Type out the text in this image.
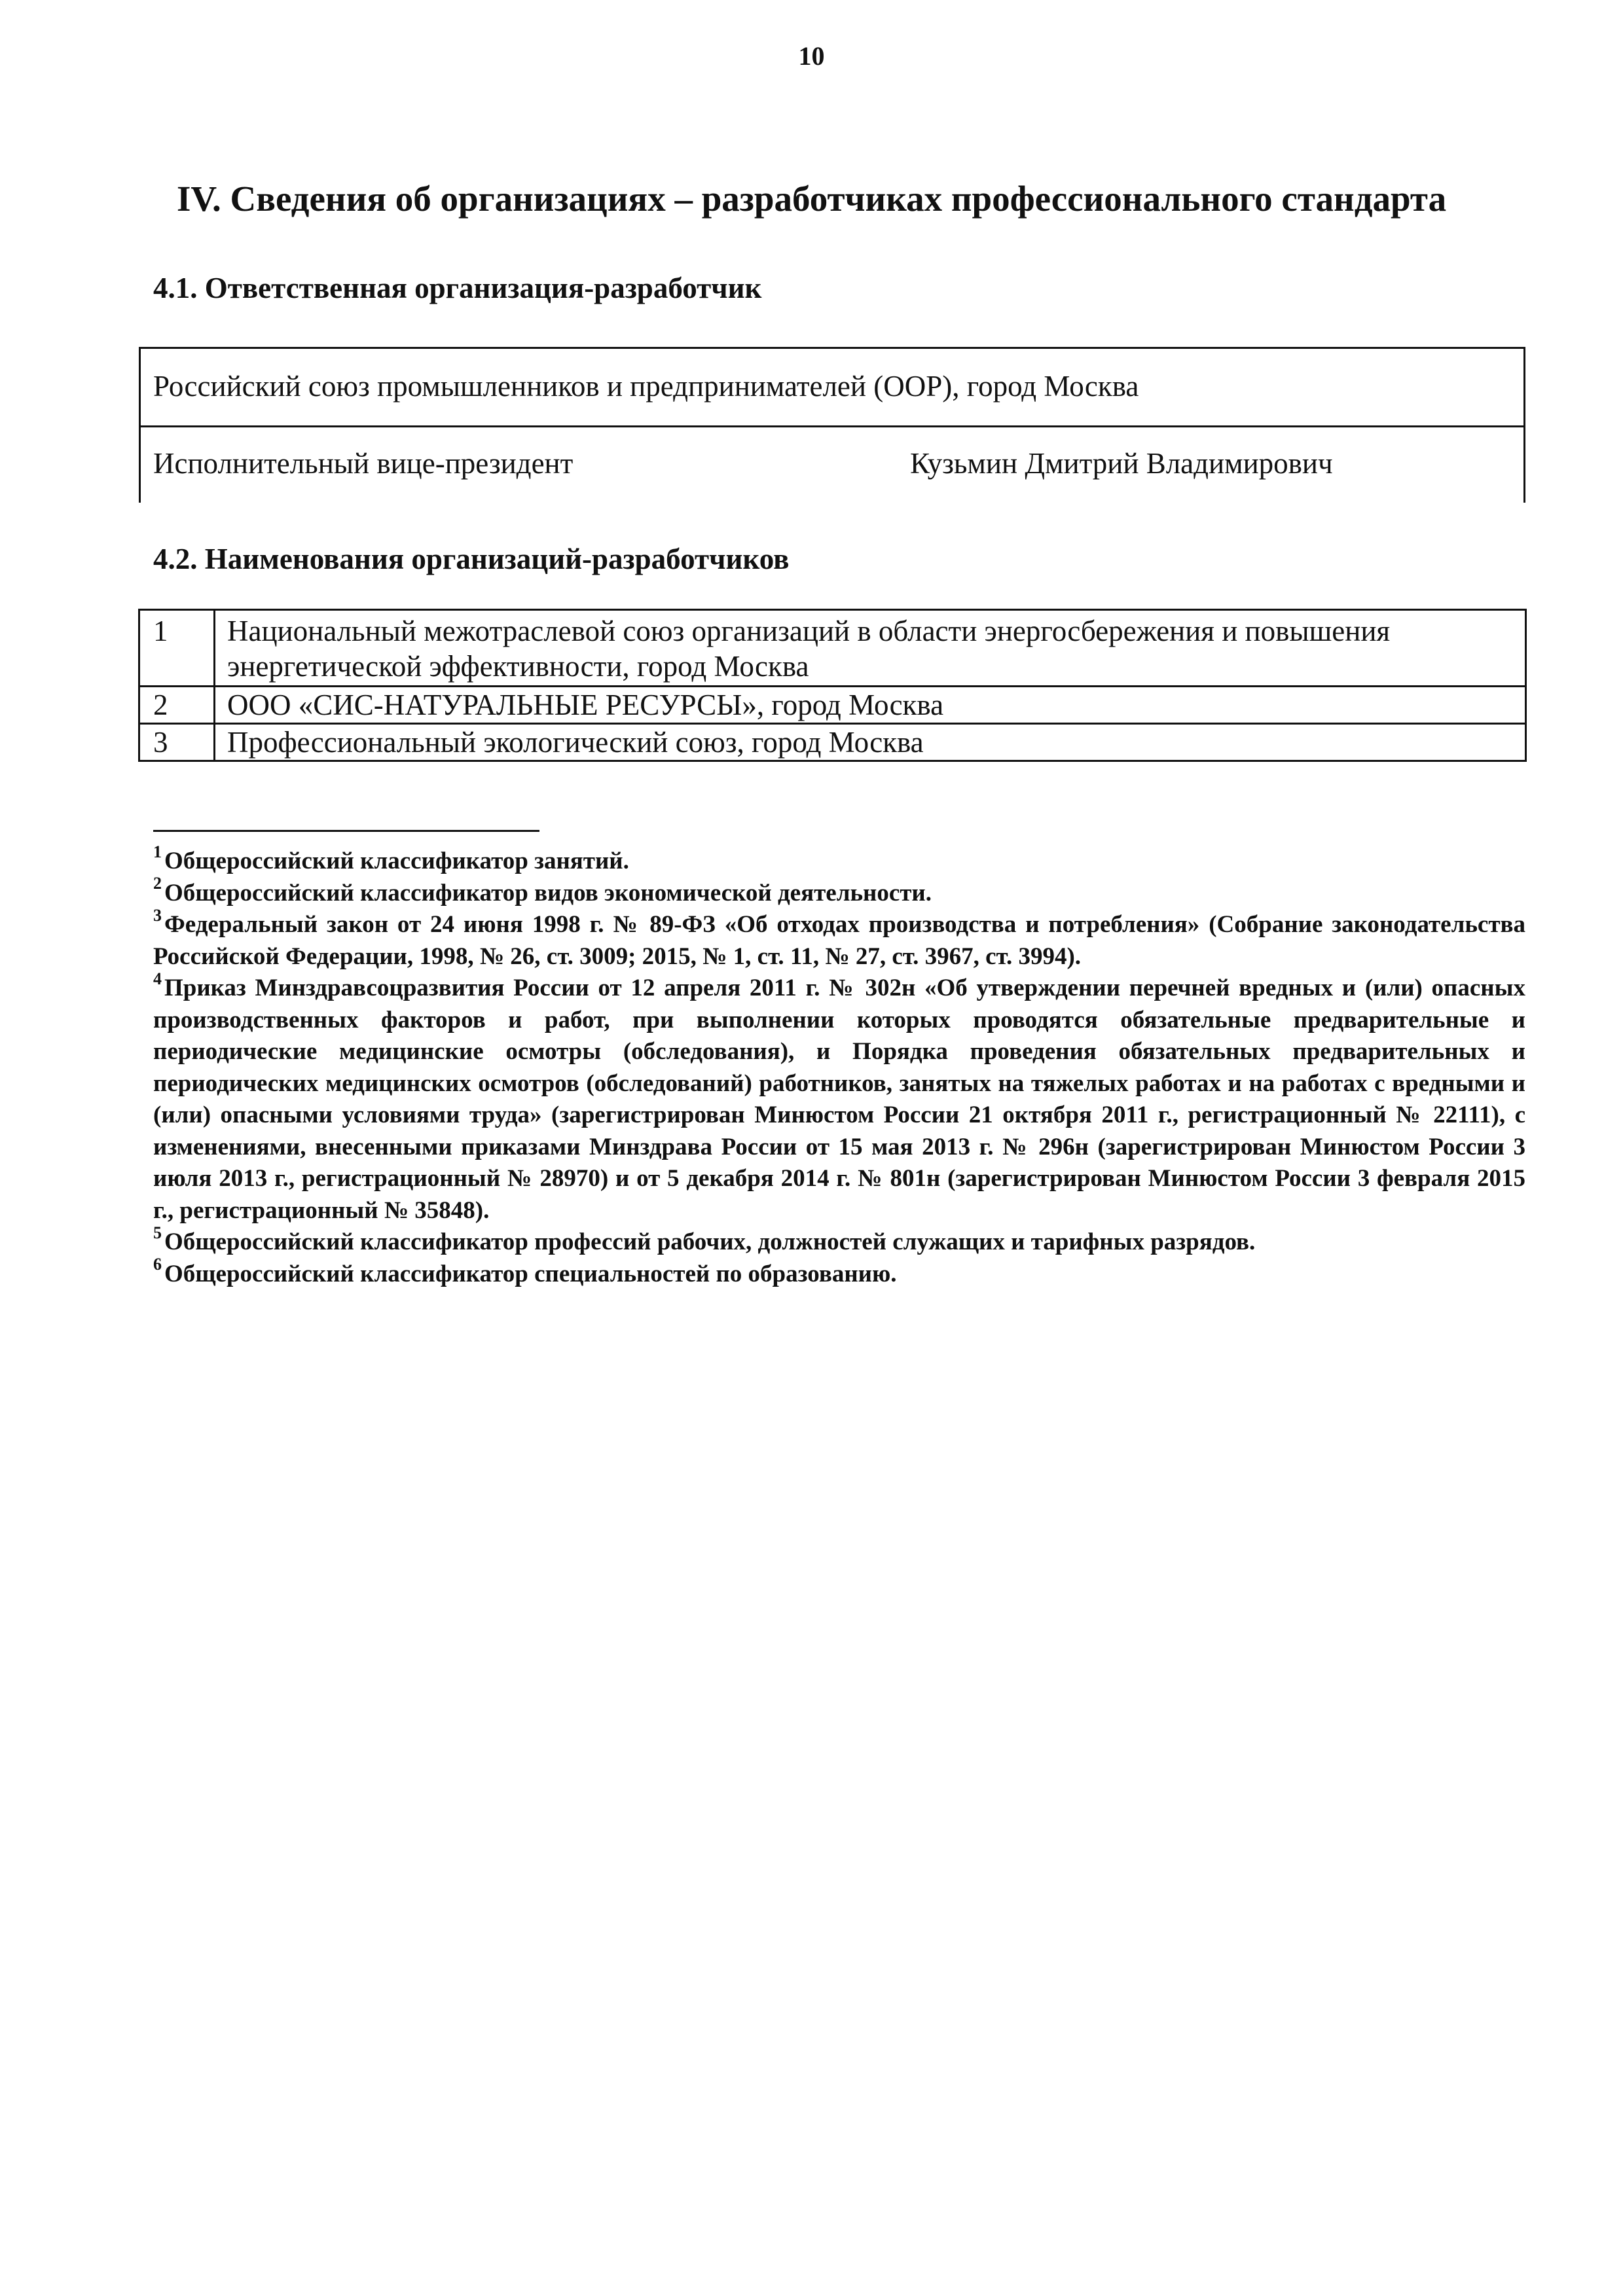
10
IV. Сведения об организациях – разработчиках профессионального стандарта
4.1. Ответственная организация-разработчик
Российский союз промышленников и предпринимателей (ООР), город Москва
Исполнительный вице-президент	Кузьмин Дмитрий Владимирович
4.2. Наименования организаций-разработчиков
1	Национальный межотраслевой союз организаций в области энергосбережения и повышения энергетической эффективности, город Москва
2	ООО «СИС-НАТУРАЛЬНЫЕ РЕСУРСЫ», город Москва
3	Профессиональный экологический союз, город Москва

$^1$ Общероссийский классификатор занятий.

$^2$ Общероссийский классификатор видов экономической деятельности.

$^3$ Федеральный закон от 24 июня 1998 г. № 89-ФЗ «Об отходах производства и потребления» (Собрание законодательства Российской Федерации, 1998, № 26, ст. 3009; 2015, № 1, ст. 11, № 27, ст. 3967, ст. 3994).

$^4$ Приказ Минздравсоцразвития России от 12 апреля 2011 г. № 302н «Об утверждении перечней вредных и (или) опасных производственных факторов и работ, при выполнении которых проводятся обязательные предварительные и периодические медицинские осмотры (обследования), и Порядка проведения обязательных предварительных и периодических медицинских осмотров (обследований) работников, занятых на тяжелых работах и на работах с вредными и (или) опасными условиями труда» (зарегистрирован Минюстом России 21 октября 2011 г., регистрационный № 22111), с изменениями, внесенными приказами Минздрава России от 15 мая 2013 г. № 296н (зарегистрирован Минюстом России 3 июля 2013 г., регистрационный № 28970) и от 5 декабря 2014 г. № 801н (зарегистрирован Минюстом России 3 февраля 2015 г., регистрационный № 35848).

$^5$ Общероссийский классификатор профессий рабочих, должностей служащих и тарифных разрядов.

$^6$ Общероссийский классификатор специальностей по образованию.
